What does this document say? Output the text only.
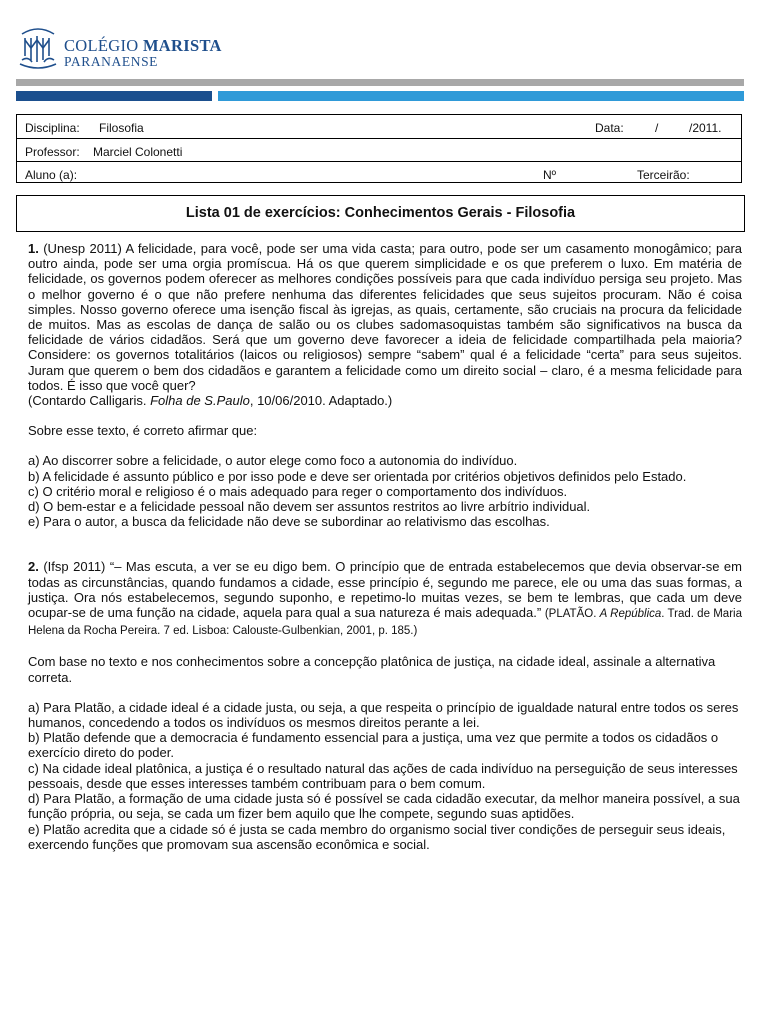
COLÉGIO MARISTA
PARANAENSE
Disciplina: Filosofia	Data:	/	/2011.
Professor: Marciel Colonetti
Aluno (a):	Nº	Terceirão:
Lista 01 de exercícios: Conhecimentos Gerais - Filosofia

1. (Unesp 2011) A felicidade, para você, pode ser uma vida casta; para outro, pode ser um casamento monogâmico; para outro ainda, pode ser uma orgia promíscua. Há os que querem simplicidade e os que preferem o luxo. Em matéria de felicidade, os governos podem oferecer as melhores condições possíveis para que cada indivíduo persiga seu projeto. Mas o melhor governo é o que não prefere nenhuma das diferentes felicidades que seus sujeitos procuram. Não é coisa simples. Nosso governo oferece uma isenção fiscal às igrejas, as quais, certamente, são cruciais na procura da felicidade de muitos. Mas as escolas de dança de salão ou os clubes sadomasoquistas também são significativos na busca da felicidade de vários cidadãos. Será que um governo deve favorecer a ideia de felicidade compartilhada pela maioria? Considere: os governos totalitários (laicos ou religiosos) sempre “sabem” qual é a felicidade “certa” para seus sujeitos. Juram que querem o bem dos cidadãos e garantem a felicidade como um direito social – claro, é a mesma felicidade para todos. É isso que você quer?

(Contardo Calligaris. Folha de S.Paulo, 10/06/2010. Adaptado.)

Sobre esse texto, é correto afirmar que:

a) Ao discorrer sobre a felicidade, o autor elege como foco a autonomia do indivíduo.

b) A felicidade é assunto público e por isso pode e deve ser orientada por critérios objetivos definidos pelo Estado.

c) O critério moral e religioso é o mais adequado para reger o comportamento dos indivíduos.

d) O bem-estar e a felicidade pessoal não devem ser assuntos restritos ao livre arbítrio individual.

e) Para o autor, a busca da felicidade não deve se subordinar ao relativismo das escolhas.

2. (Ifsp 2011) “– Mas escuta, a ver se eu digo bem. O princípio que de entrada estabelecemos que devia observar-se em todas as circunstâncias, quando fundamos a cidade, esse princípio é, segundo me parece, ele ou uma das suas formas, a justiça. Ora nós estabelecemos, segundo suponho, e repetimo-lo muitas vezes, se bem te lembras, que cada um deve ocupar-se de uma função na cidade, aquela para qual a sua natureza é mais adequada.” (PLATÃO. A República. Trad. de Maria Helena da Rocha Pereira. 7 ed. Lisboa: Calouste-Gulbenkian, 2001, p. 185.)

Com base no texto e nos conhecimentos sobre a concepção platônica de justiça, na cidade ideal, assinale a alternativa correta.

a) Para Platão, a cidade ideal é a cidade justa, ou seja, a que respeita o princípio de igualdade natural entre todos os seres humanos, concedendo a todos os indivíduos os mesmos direitos perante a lei.

b) Platão defende que a democracia é fundamento essencial para a justiça, uma vez que permite a todos os cidadãos o exercício direto do poder.

c) Na cidade ideal platônica, a justiça é o resultado natural das ações de cada indivíduo na perseguição de seus interesses pessoais, desde que esses interesses também contribuam para o bem comum.

d) Para Platão, a formação de uma cidade justa só é possível se cada cidadão executar, da melhor maneira possível, a sua função própria, ou seja, se cada um fizer bem aquilo que lhe compete, segundo suas aptidões.

e) Platão acredita que a cidade só é justa se cada membro do organismo social tiver condições de perseguir seus ideais, exercendo funções que promovam sua ascensão econômica e social.
